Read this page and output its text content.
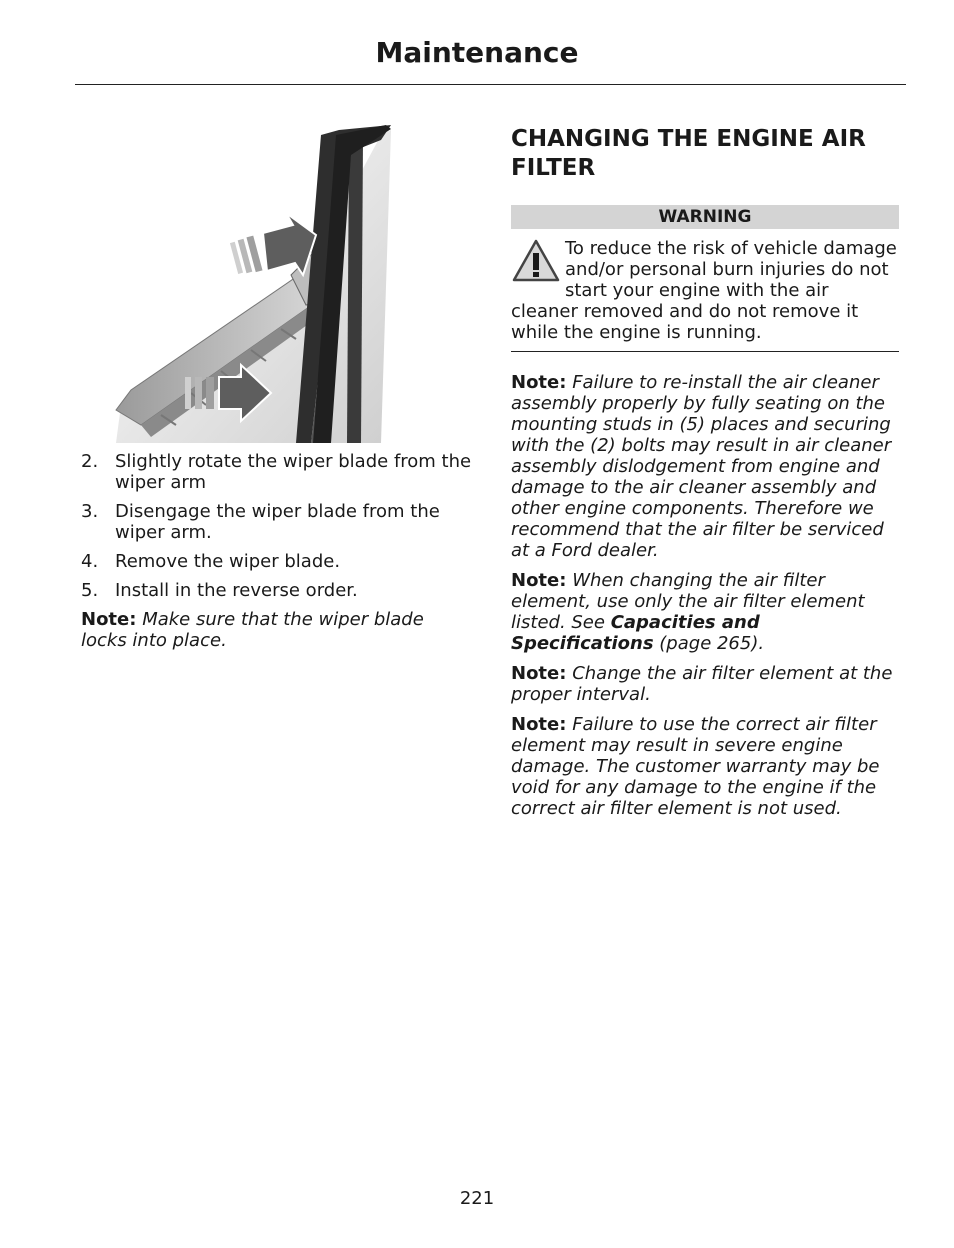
Maintenance
2. Slightly rotate the wiper blade from the wiper arm
3. Disengage the wiper blade from the wiper arm.
4. Remove the wiper blade.
5. Install in the reverse order.

Note: Make sure that the wiper blade locks into place.

CHANGING THE ENGINE AIR FILTER
WARNING
To reduce the risk of vehicle damage and/or personal burn injuries do not start your engine with the air cleaner removed and do not remove it while the engine is running.

Note: Failure to re-install the air cleaner assembly properly by fully seating on the mounting studs in (5) places and securing with the (2) bolts may result in air cleaner assembly dislodgement from engine and damage to the air cleaner assembly and other engine components. Therefore we recommend that the air filter be serviced at a Ford dealer.

Note: When changing the air filter element, use only the air filter element listed. See Capacities and Specifications (page 265).

Note: Change the air filter element at the proper interval.

Note: Failure to use the correct air filter element may result in severe engine damage. The customer warranty may be void for any damage to the engine if the correct air filter element is not used.

221
